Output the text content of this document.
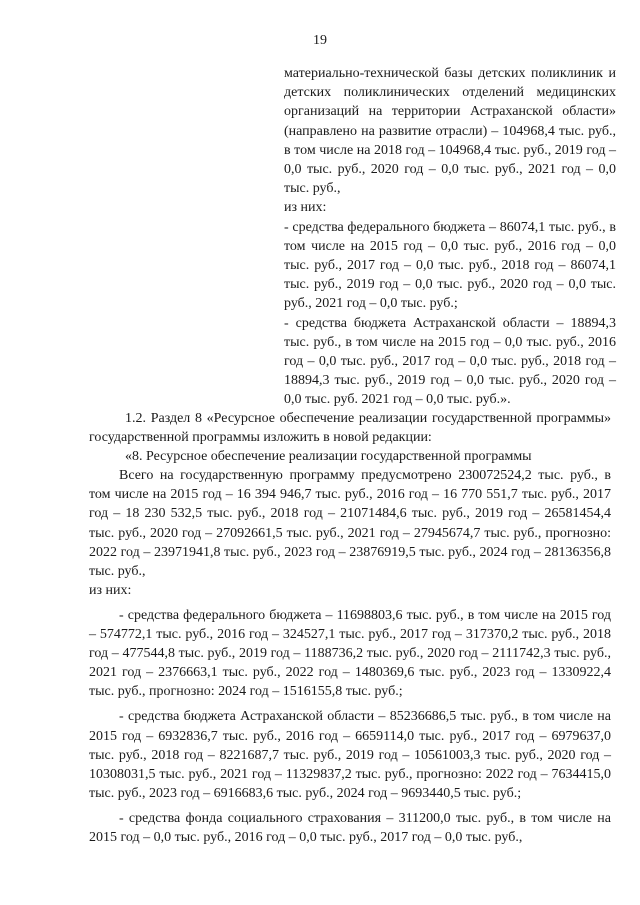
19

материально-технической базы детских поликлиник и детских поликлинических отделений медицинских организаций на территории Астраханской области» (направлено на развитие отрасли) – 104968,4 тыс. руб., в том числе на 2018 год – 104968,4 тыс. руб., 2019 год – 0,0 тыс. руб., 2020 год – 0,0 тыс. руб., 2021 год – 0,0 тыс. руб.,

из них:

- средства федерального бюджета – 86074,1 тыс. руб., в том числе на 2015 год – 0,0 тыс. руб., 2016 год – 0,0 тыс. руб., 2017 год – 0,0 тыс. руб., 2018 год – 86074,1 тыс. руб., 2019 год – 0,0 тыс. руб., 2020 год – 0,0 тыс. руб., 2021 год – 0,0 тыс. руб.;

- средства бюджета Астраханской области – 18894,3 тыс. руб., в том числе на 2015 год – 0,0 тыс. руб., 2016 год – 0,0 тыс. руб., 2017 год – 0,0 тыс. руб., 2018 год – 18894,3 тыс. руб., 2019 год – 0,0 тыс. руб., 2020 год – 0,0 тыс. руб. 2021 год – 0,0 тыс. руб.».

1.2. Раздел 8 «Ресурсное обеспечение реализации государственной программы» государственной программы изложить в новой редакции:

«8. Ресурсное обеспечение реализации государственной программы

Всего на государственную программу предусмотрено 230072524,2 тыс. руб., в том числе на 2015 год – 16 394 946,7 тыс. руб., 2016 год – 16 770 551,7 тыс. руб., 2017 год – 18 230 532,5 тыс. руб., 2018 год – 21071484,6 тыс. руб., 2019 год – 26581454,4 тыс. руб., 2020 год – 27092661,5 тыс. руб., 2021 год – 27945674,7 тыс. руб., прогнозно: 2022 год – 23971941,8 тыс. руб., 2023 год – 23876919,5 тыс. руб., 2024 год – 28136356,8 тыс. руб.,

из них:

- средства федерального бюджета – 11698803,6 тыс. руб., в том числе на 2015 год – 574772,1 тыс. руб., 2016 год – 324527,1 тыс. руб., 2017 год – 317370,2 тыс. руб., 2018 год – 477544,8 тыс. руб., 2019 год – 1188736,2 тыс. руб., 2020 год – 2111742,3 тыс. руб., 2021 год – 2376663,1 тыс. руб., 2022 год – 1480369,6 тыс. руб., 2023 год – 1330922,4 тыс. руб., прогнозно: 2024 год – 1516155,8 тыс. руб.;

- средства бюджета Астраханской области – 85236686,5 тыс. руб., в том числе на 2015 год – 6932836,7 тыс. руб., 2016 год – 6659114,0 тыс. руб., 2017 год – 6979637,0 тыс. руб., 2018 год – 8221687,7 тыс. руб., 2019 год – 10561003,3 тыс. руб., 2020 год – 10308031,5 тыс. руб., 2021 год – 11329837,2 тыс. руб., прогнозно: 2022 год – 7634415,0 тыс. руб., 2023 год – 6916683,6 тыс. руб., 2024 год – 9693440,5 тыс. руб.;

- средства фонда социального страхования – 311200,0 тыс. руб., в том числе на 2015 год – 0,0 тыс. руб., 2016 год – 0,0 тыс. руб., 2017 год – 0,0 тыс. руб.,
